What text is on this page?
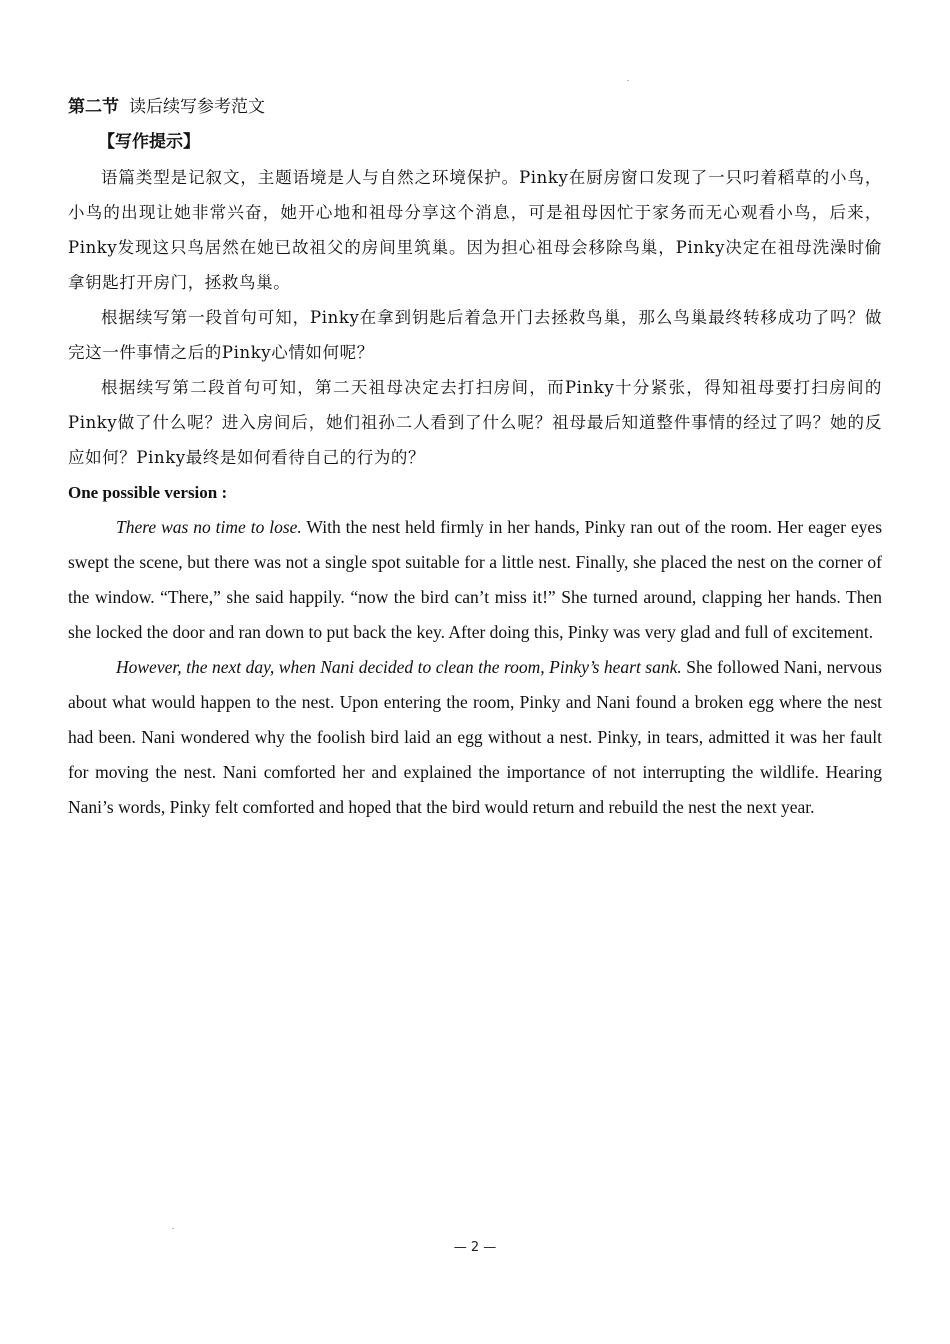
第二节 读后续写参考范文

【写作提示】

语篇类型是记叙文，主题语境是人与自然之环境保护。Pinky在厨房窗口发现了一只叼着稻草的小鸟，小鸟的出现让她非常兴奋，她开心地和祖母分享这个消息，可是祖母因忙于家务而无心观看小鸟，后来，Pinky发现这只鸟居然在她已故祖父的房间里筑巢。因为担心祖母会移除鸟巢，Pinky决定在祖母洗澡时偷拿钥匙打开房门，拯救鸟巢。

根据续写第一段首句可知，Pinky在拿到钥匙后着急开门去拯救鸟巢，那么鸟巢最终转移成功了吗？做完这一件事情之后的Pinky心情如何呢？

根据续写第二段首句可知，第二天祖母决定去打扫房间，而Pinky十分紧张，得知祖母要打扫房间的Pinky做了什么呢？进入房间后，她们祖孙二人看到了什么呢？祖母最后知道整件事情的经过了吗？她的反应如何？Pinky最终是如何看待自己的行为的？

One possible version :

There was no time to lose. With the nest held firmly in her hands, Pinky ran out of the room. Her eager eyes swept the scene, but there was not a single spot suitable for a little nest. Finally, she placed the nest on the corner of the window. “There,” she said happily. “now the bird can’t miss it!” She turned around, clapping her hands. Then she locked the door and ran down to put back the key. After doing this, Pinky was very glad and full of excitement.

However, the next day, when Nani decided to clean the room, Pinky’s heart sank. She followed Nani, nervous about what would happen to the nest. Upon entering the room, Pinky and Nani found a broken egg where the nest had been. Nani wondered why the foolish bird laid an egg without a nest. Pinky, in tears, admitted it was her fault for moving the nest. Nani comforted her and explained the importance of not interrupting the wildlife. Hearing Nani’s words, Pinky felt comforted and hoped that the bird would return and rebuild the nest the next year.

— 2 —
